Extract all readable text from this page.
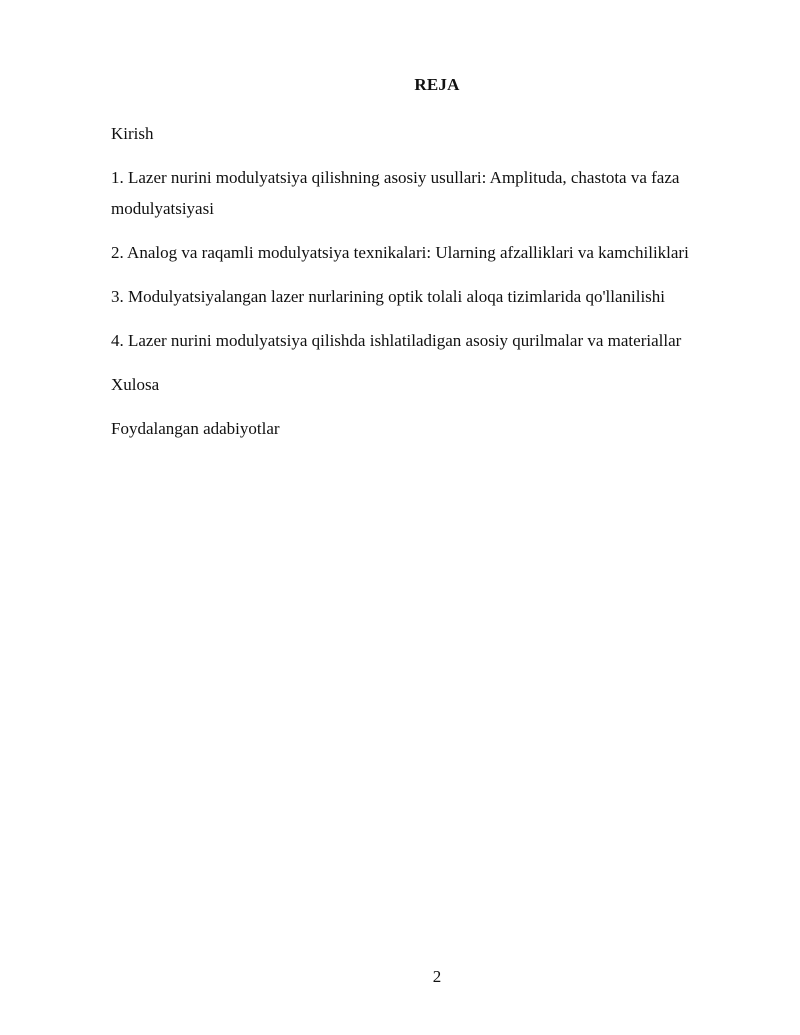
REJA
Kirish
1. Lazer nurini modulyatsiya qilishning asosiy usullari: Amplituda, chastota va faza modulyatsiyasi
2. Analog va raqamli modulyatsiya texnikalari: Ularning afzalliklari va kamchiliklari
3. Modulyatsiyalangan lazer nurlarining optik tolali aloqa tizimlarida qo'llanilishi
4. Lazer nurini modulyatsiya qilishda ishlatiladigan asosiy qurilmalar va materiallar
Xulosa
Foydalangan adabiyotlar
2
